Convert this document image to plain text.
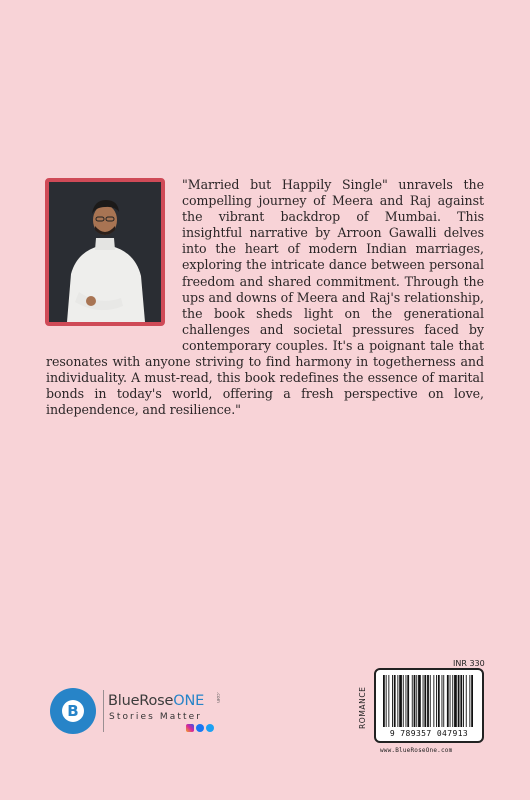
"Married but Happily Single" unravels the compelling journey of Meera and Raj against the vibrant backdrop of Mumbai. This insightful narrative by Arroon Gawalli delves into the heart of modern Indian marriages, exploring the intricate dance between personal freedom and shared commitment. Through the ups and downs of Meera and Raj's relationship, the book sheds light on the generational challenges and societal pressures faced by contemporary couples. It's a poignant tale that resonates with anyone striving to find harmony in togetherness and individuality. A must-read, this book redefines the essence of marital bonds in today's world, offering a fresh perspective on love, independence, and resilience."

B
BlueRoseONE .com
Stories Matter
INR 330
ROMANCE
9 789357 047913
www.BlueRoseOne.com
